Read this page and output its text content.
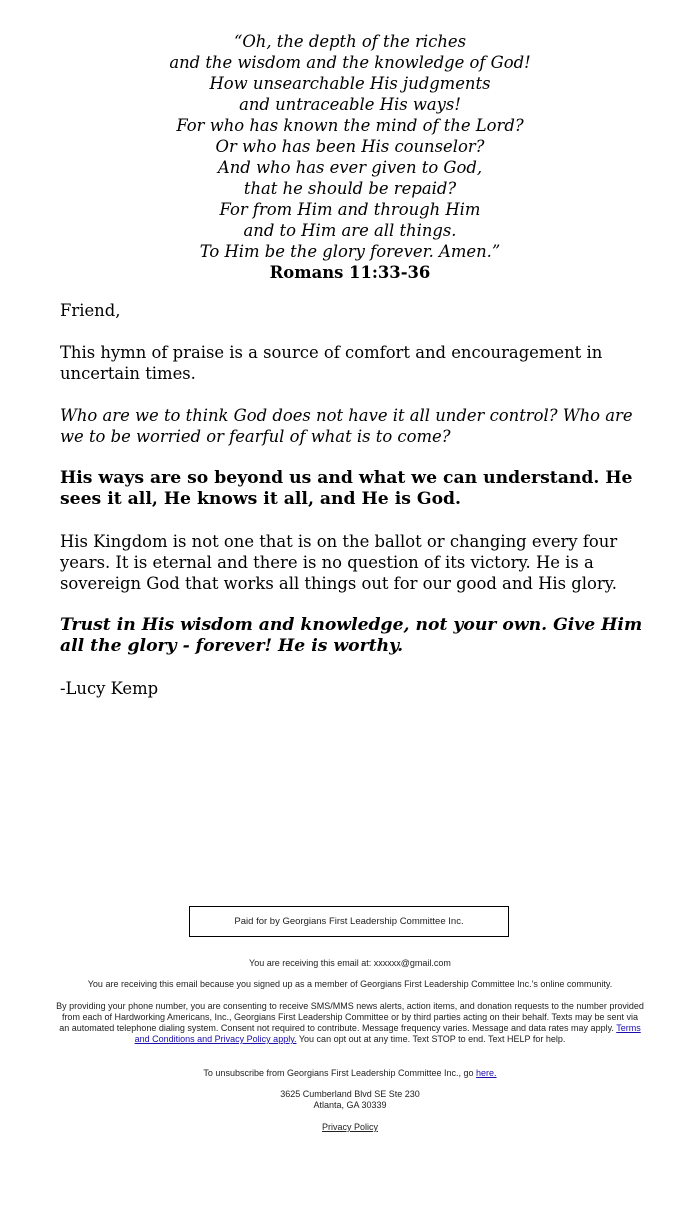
“Oh, the depth of the riches
and the wisdom and the knowledge of God!
How unsearchable His judgments
and untraceable His ways!
For who has known the mind of the Lord?
Or who has been His counselor?
And who has ever given to God,
that he should be repaid?
For from Him and through Him
and to Him are all things.
To Him be the glory forever. Amen.”
Romans 11:33-36

Friend,

This hymn of praise is a source of comfort and encouragement in uncertain times.

Who are we to think God does not have it all under control? Who are we to be worried or fearful of what is to come?

His ways are so beyond us and what we can understand. He sees it all, He knows it all, and He is God.

His Kingdom is not one that is on the ballot or changing every four years. It is eternal and there is no question of its victory. He is a sovereign God that works all things out for our good and His glory.

Trust in His wisdom and knowledge, not your own. Give Him all the glory - forever! He is worthy.

-Lucy Kemp

Paid for by Georgians First Leadership Committee Inc.

You are receiving this email at: xxxxxx@gmail.com

You are receiving this email because you signed up as a member of Georgians First Leadership Committee Inc.'s online community.

By providing your phone number, you are consenting to receive SMS/MMS news alerts, action items, and donation requests to the number provided from each of Hardworking Americans, Inc., Georgians First Leadership Committee or by third parties acting on their behalf. Texts may be sent via an automated telephone dialing system. Consent not required to contribute. Message frequency varies. Message and data rates may apply. Terms and Conditions and Privacy Policy apply. You can opt out at any time. Text STOP to end. Text HELP for help.

To unsubscribe from Georgians First Leadership Committee Inc., go here.

3625 Cumberland Blvd SE Ste 230
Atlanta, GA 30339

Privacy Policy
